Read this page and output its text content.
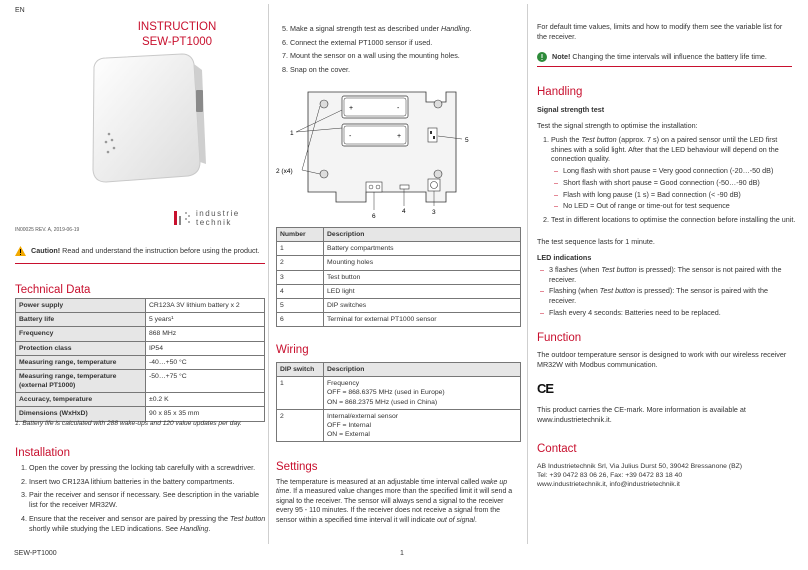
EN
INSTRUCTION
SEW-PT1000
industrie
technik
IN00025 REV. A, 2019-06-19
Caution! Read and understand the instruction before using the product.
Technical Data
Power supply	CR123A 3V lithium battery x 2
Battery life	5 years¹
Frequency	868 MHz
Protection class	IP54
Measuring range, temperature	-40…+50 °C
Measuring range, temperature (external PT1000)	-50…+75 °C
Accuracy, temperature	±0.2 K
Dimensions (WxHxD)	90 x 85 x 35 mm
1. Battery life is calculated with 288 wake-ups and 120 value updates per day.
Installation
1. Open the cover by pressing the locking tab carefully with a screwdriver.
2. Insert two CR123A lithium batteries in the battery compartments.
3. Pair the receiver and sensor if necessary. See description in the variable list for the receiver MR32W.
4. Ensure that the receiver and sensor are paired by pressing the Test button shortly while studying the LED indications. See Handling.
5. Make a signal strength test as described under Handling.
6. Connect the external PT1000 sensor if used.
7. Mount the sensor on a wall using the mounting holes.
8. Snap on the cover.
+	-
-	+
1
2 (x4)
3
4
5
6
Number	Description
1	Battery compartments
2	Mounting holes
3	Test button
4	LED light
5	DIP switches
6	Terminal for external PT1000 sensor
Wiring
DIP switch	Description
1	Frequency
OFF = 868.6375 MHz (used in Europe)
ON = 868.2375 MHz (used in China)

2	Internal/external sensor
OFF = Internal
ON = External
Settings
The temperature is measured at an adjustable time interval called wake up time. If a measured value changes more than the specified limit it will send a signal to the receiver. The sensor will always send a signal to the receiver every 95 - 110 minutes. If the receiver does not receive a signal from the sensor within a specified time interval it will indicate out of signal.
For default time values, limits and how to modify them see the variable list for the receiver.
Note! Changing the time intervals will influence the battery life time.
Handling
Signal strength test
Test the signal strength to optimise the installation:
1. Push the Test button (approx. 7 s) on a paired sensor until the LED first shines with a solid light. After that the LED behaviour will depend on the connection quality.
– Long flash with short pause = Very good connection (-20…-50 dB)
– Short flash with short pause = Good connection (-50…-90 dB)
– Flash with long pause (1 s) = Bad connection (< -90 dB)
– No LED = Out of range or time-out for test sequence
2. Test in different locations to optimise the connection before installing the unit.
The test sequence lasts for 1 minute.
LED indications
– 3 flashes (when Test button is pressed): The sensor is not paired with the receiver.
– Flashing (when Test button is pressed): The sensor is paired with the receiver.
– Flash every 4 seconds: Batteries need to be replaced.
Function
The outdoor temperature sensor is designed to work with our wireless receiver MR32W with Modbus communication.
CE
This product carries the CE-mark. More information is available at www.industrietechnik.it.
Contact
AB Industrietechnik Srl, Via Julius Durst 50, 39042 Bressanone (BZ)
Tel: +39 0472 83 06 26, Fax: +39 0472 83 18 40
www.industrietechnik.it, info@industrietechnik.it
SEW-PT1000	1
